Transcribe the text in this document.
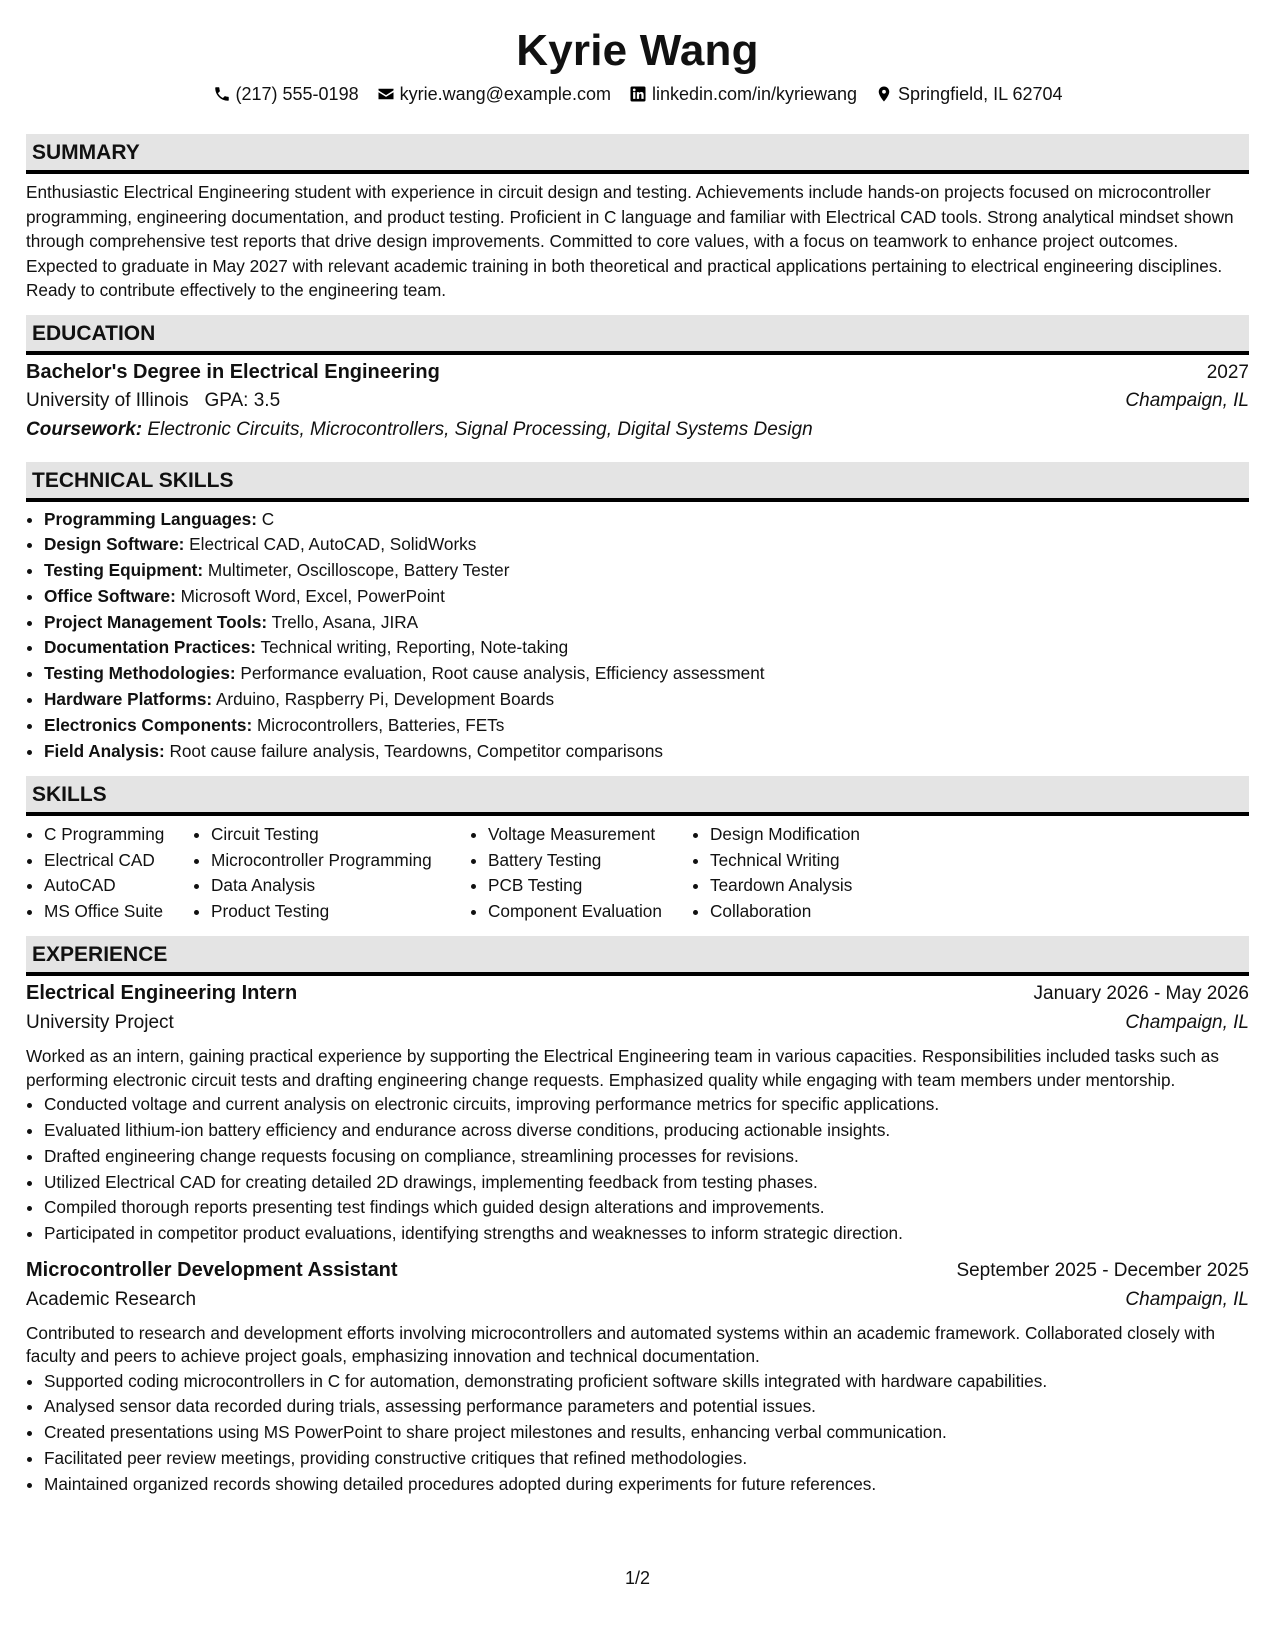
Kyrie Wang
(217) 555-0198 kyrie.wang@example.com linkedin.com/in/kyriewang Springfield, IL 62704
SUMMARY

Enthusiastic Electrical Engineering student with experience in circuit design and testing. Achievements include hands-on projects focused on microcontroller programming, engineering documentation, and product testing. Proficient in C language and familiar with Electrical CAD tools. Strong analytical mindset shown through comprehensive test reports that drive design improvements. Committed to core values, with a focus on teamwork to enhance project outcomes. Expected to graduate in May 2027 with relevant academic training in both theoretical and practical applications pertaining to electrical engineering disciplines. Ready to contribute effectively to the engineering team.

EDUCATION
Bachelor's Degree in Electrical Engineering	2027
University of Illinois GPA: 3.5	Champaign, IL
Coursework: Electronic Circuits, Microcontrollers, Signal Processing, Digital Systems Design
TECHNICAL SKILLS
• Programming Languages: C
• Design Software: Electrical CAD, AutoCAD, SolidWorks
• Testing Equipment: Multimeter, Oscilloscope, Battery Tester
• Office Software: Microsoft Word, Excel, PowerPoint
• Project Management Tools: Trello, Asana, JIRA
• Documentation Practices: Technical writing, Reporting, Note-taking
• Testing Methodologies: Performance evaluation, Root cause analysis, Efficiency assessment
• Hardware Platforms: Arduino, Raspberry Pi, Development Boards
• Electronics Components: Microcontrollers, Batteries, FETs
• Field Analysis: Root cause failure analysis, Teardowns, Competitor comparisons
SKILLS
• C Programming
• Electrical CAD
• AutoCAD
• MS Office Suite
• Circuit Testing
• Microcontroller Programming
• Data Analysis
• Product Testing
• Voltage Measurement
• Battery Testing
• PCB Testing
• Component Evaluation
• Design Modification
• Technical Writing
• Teardown Analysis
• Collaboration
EXPERIENCE
Electrical Engineering Intern	January 2026 - May 2026
University Project	Champaign, IL

Worked as an intern, gaining practical experience by supporting the Electrical Engineering team in various capacities. Responsibilities included tasks such as performing electronic circuit tests and drafting engineering change requests. Emphasized quality while engaging with team members under mentorship.

• Conducted voltage and current analysis on electronic circuits, improving performance metrics for specific applications.
• Evaluated lithium-ion battery efficiency and endurance across diverse conditions, producing actionable insights.
• Drafted engineering change requests focusing on compliance, streamlining processes for revisions.
• Utilized Electrical CAD for creating detailed 2D drawings, implementing feedback from testing phases.
• Compiled thorough reports presenting test findings which guided design alterations and improvements.
• Participated in competitor product evaluations, identifying strengths and weaknesses to inform strategic direction.
Microcontroller Development Assistant	September 2025 - December 2025
Academic Research	Champaign, IL

Contributed to research and development efforts involving microcontrollers and automated systems within an academic framework. Collaborated closely with faculty and peers to achieve project goals, emphasizing innovation and technical documentation.

• Supported coding microcontrollers in C for automation, demonstrating proficient software skills integrated with hardware capabilities.
• Analysed sensor data recorded during trials, assessing performance parameters and potential issues.
• Created presentations using MS PowerPoint to share project milestones and results, enhancing verbal communication.
• Facilitated peer review meetings, providing constructive critiques that refined methodologies.
• Maintained organized records showing detailed procedures adopted during experiments for future references.
1/2
